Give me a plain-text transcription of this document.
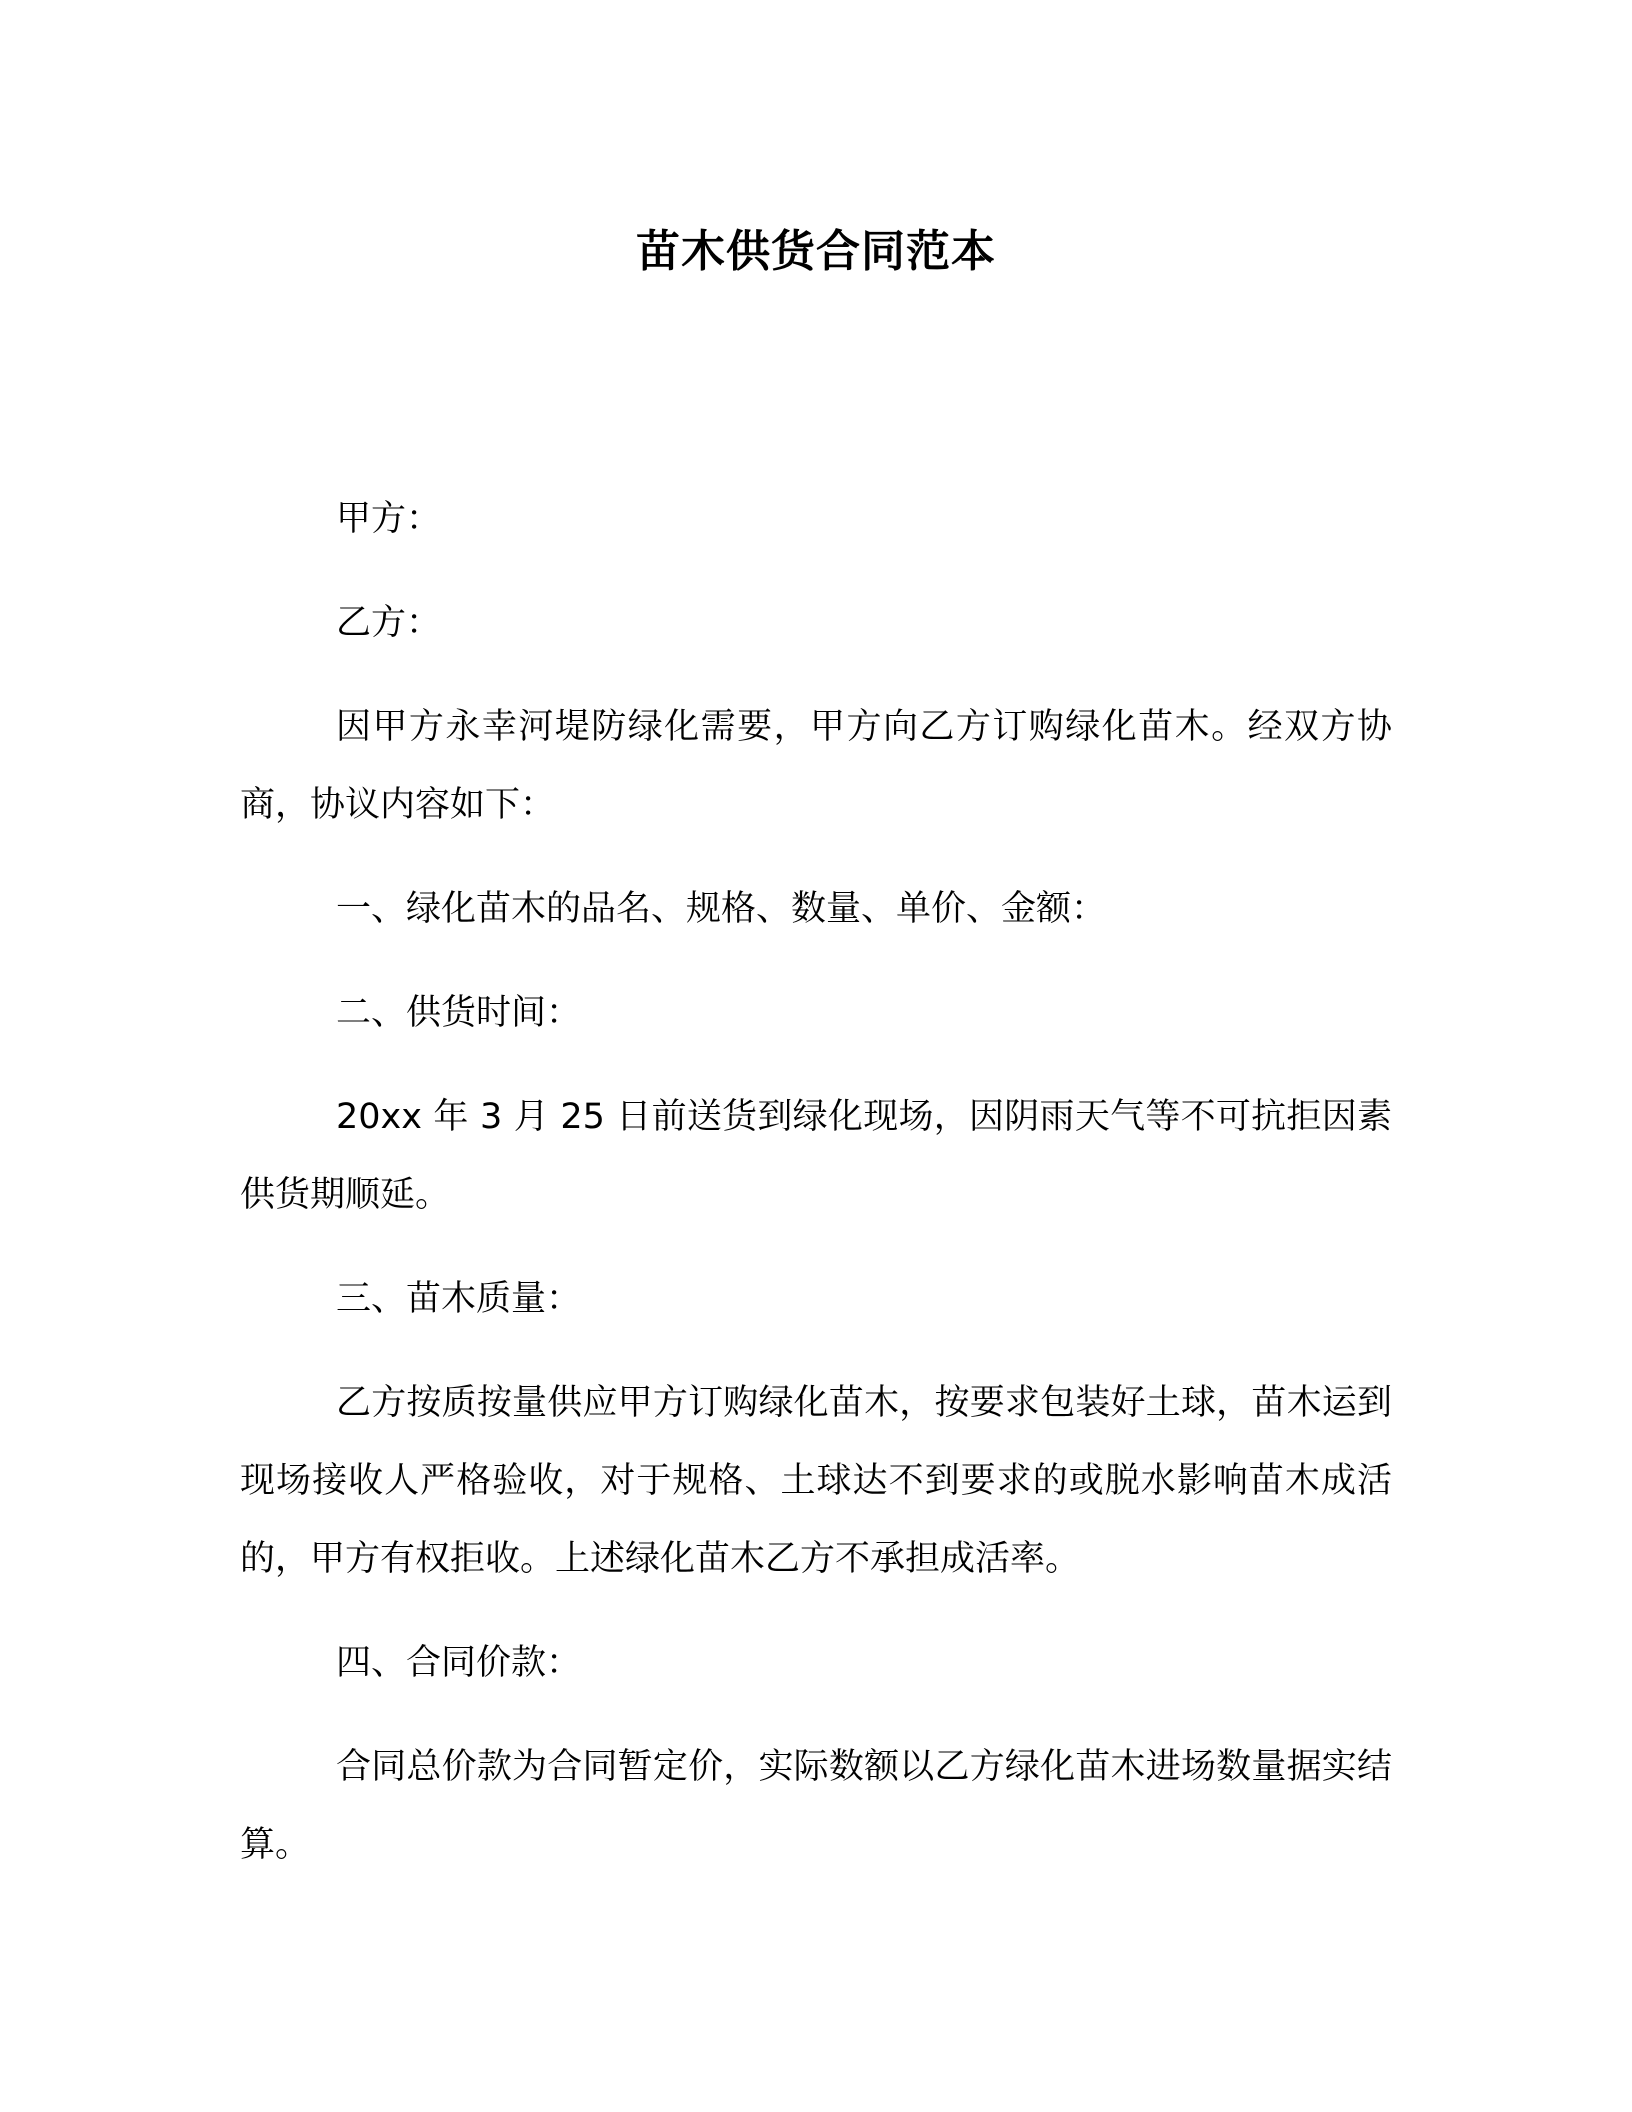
苗木供货合同范本

甲方：

乙方：

因甲方永幸河堤防绿化需要，甲方向乙方订购绿化苗木。经双方协商，协议内容如下：

一、绿化苗木的品名、规格、数量、单价、金额：

二、供货时间：

20xx 年 3 月 25 日前送货到绿化现场，因阴雨天气等不可抗拒因素供货期顺延。

三、苗木质量：

乙方按质按量供应甲方订购绿化苗木，按要求包装好土球，苗木运到现场接收人严格验收，对于规格、土球达不到要求的或脱水影响苗木成活的，甲方有权拒收。上述绿化苗木乙方不承担成活率。

四、合同价款：

合同总价款为合同暂定价，实际数额以乙方绿化苗木进场数量据实结算。
